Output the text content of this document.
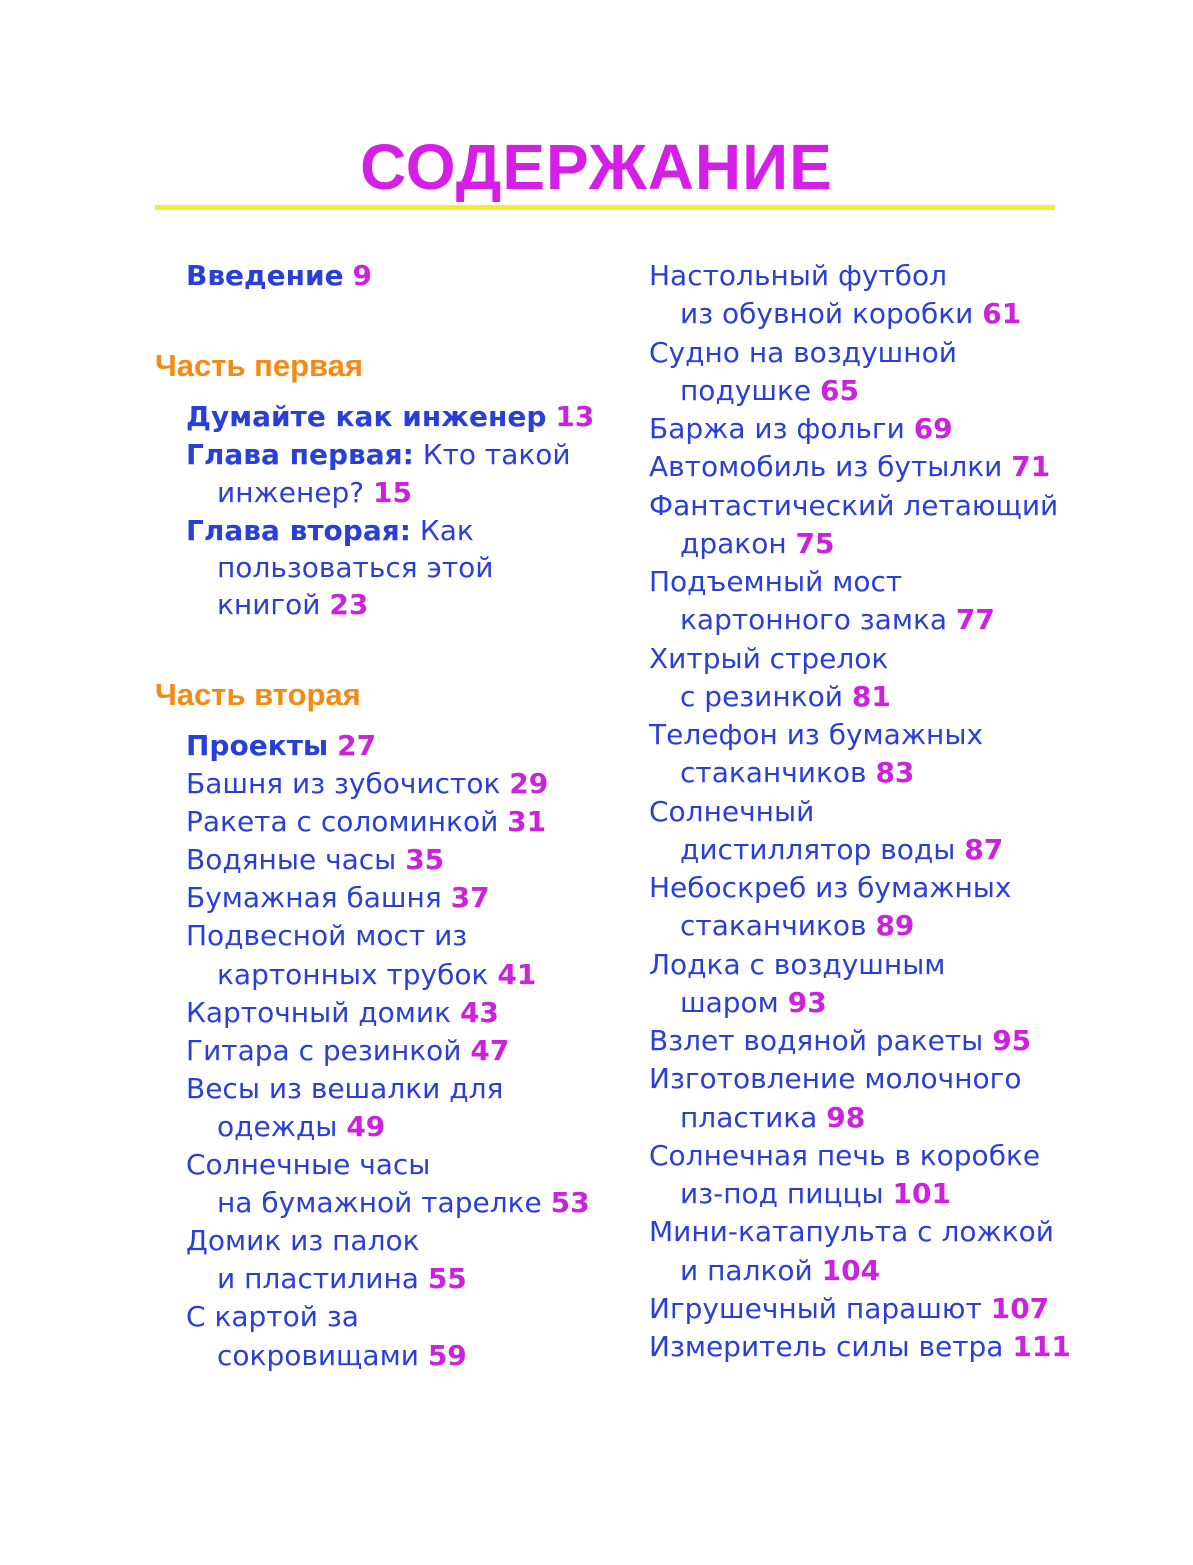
СОДЕРЖАНИЕ
Введение 9
Часть первая
Думайте как инженер 13
Глава первая: Кто такой
инженер? 15
Глава вторая: Как
пользоваться этой
книгой 23
Часть вторая
Проекты 27
Башня из зубочисток 29
Ракета с соломинкой 31
Водяные часы 35
Бумажная башня 37
Подвесной мост из
картонных трубок 41
Карточный домик 43
Гитара с резинкой 47
Весы из вешалки для
одежды 49
Солнечные часы
на бумажной тарелке 53
Домик из палок
и пластилина 55
С картой за
сокровищами 59
Настольный футбол
из обувной коробки 61
Судно на воздушной
подушке 65
Баржа из фольги 69
Автомобиль из бутылки 71
Фантастический летающий
дракон 75
Подъемный мост
картонного замка 77
Хитрый стрелок
с резинкой 81
Телефон из бумажных
стаканчиков 83
Солнечный
дистиллятор воды 87
Небоскреб из бумажных
стаканчиков 89
Лодка с воздушным
шаром 93
Взлет водяной ракеты 95
Изготовление молочного
пластика 98
Солнечная печь в коробке
из-под пиццы 101
Мини-катапульта с ложкой
и палкой 104
Игрушечный парашют 107
Измеритель силы ветра 111
